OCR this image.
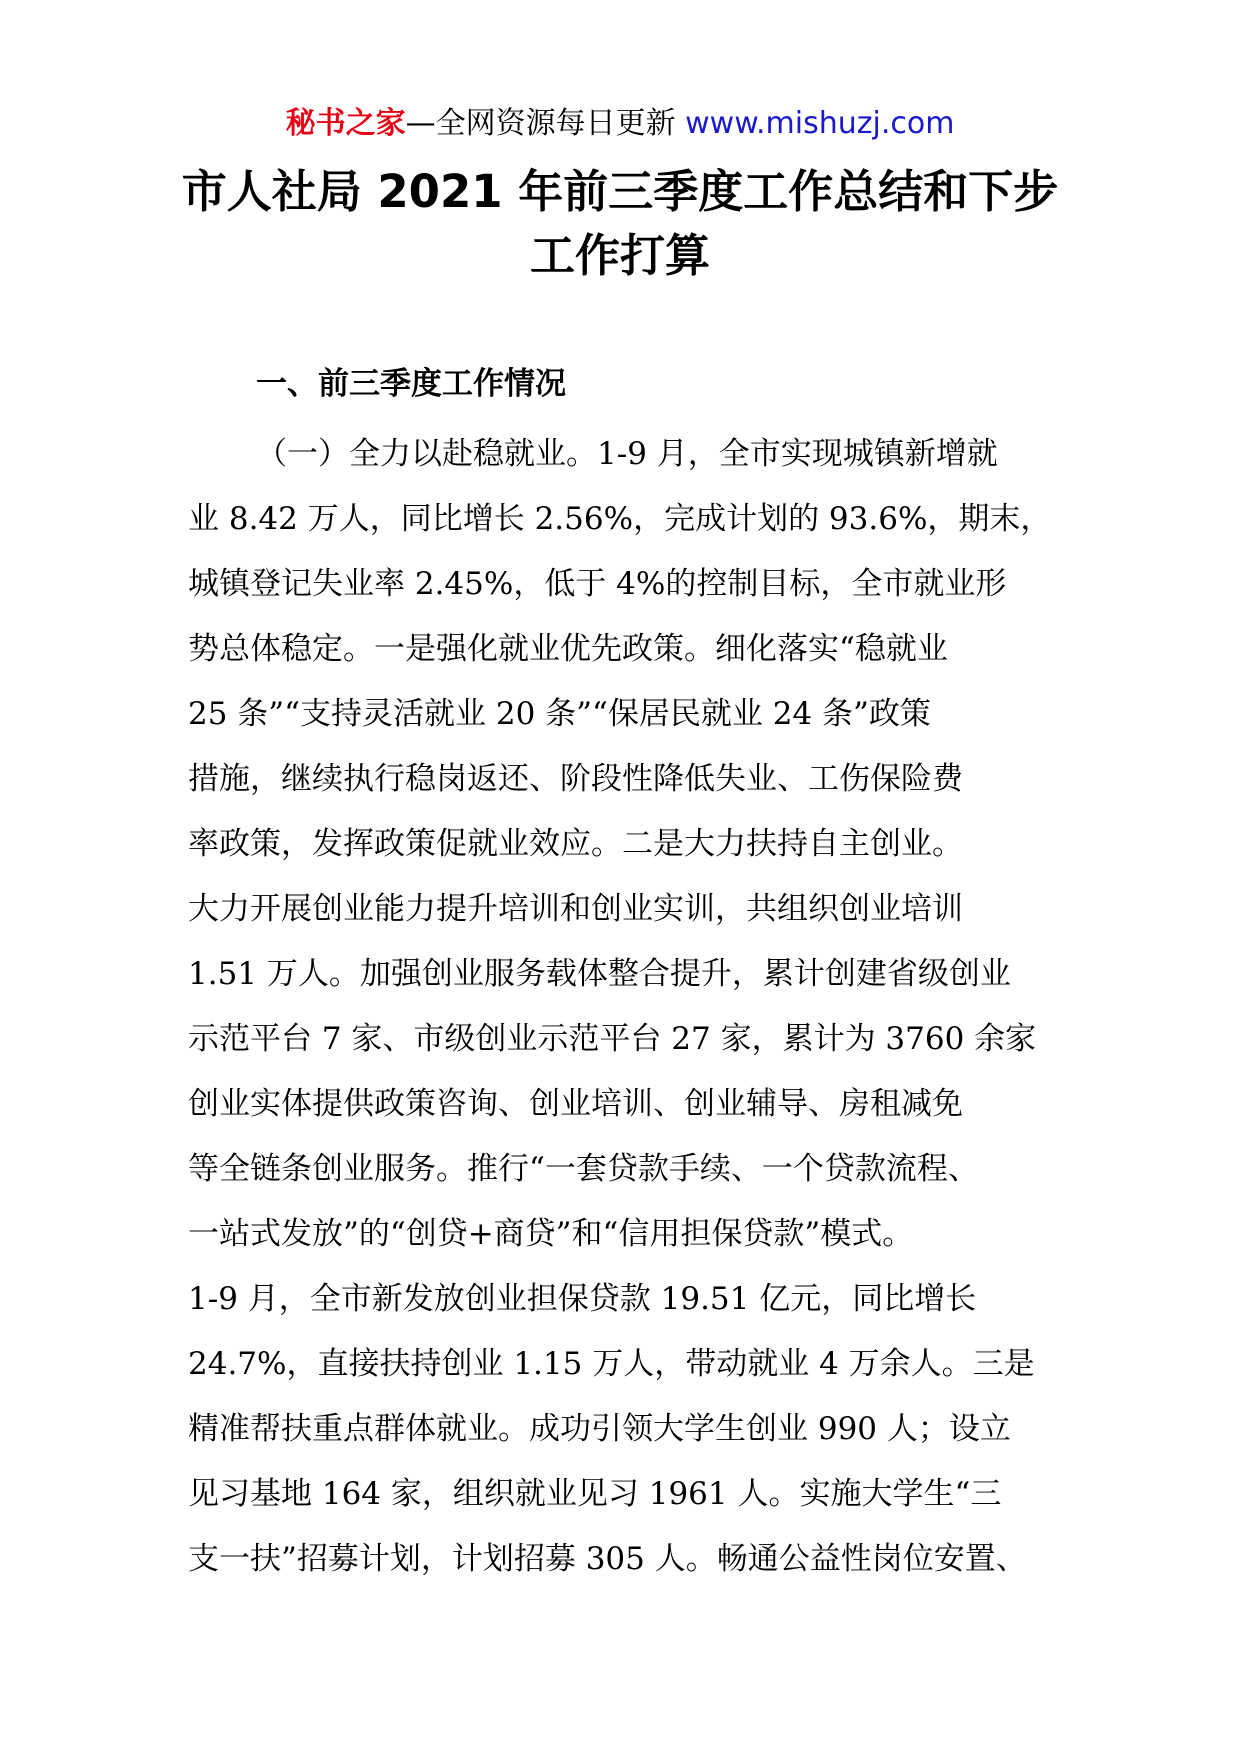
秘书之家—全网资源每日更新 www.mishuzj.com
市人社局 2021 年前三季度工作总结和下步
工作打算
一、前三季度工作情况
（一）全力以赴稳就业。1-9 月，全市实现城镇新增就
业 8.42 万人，同比增长 2.56%，完成计划的 93.6%，期末，
城镇登记失业率 2.45%，低于 4%的控制目标，全市就业形
势总体稳定。一是强化就业优先政策。细化落实“稳就业
25 条”“支持灵活就业 20 条”“保居民就业 24 条”政策
措施，继续执行稳岗返还、阶段性降低失业、工伤保险费
率政策，发挥政策促就业效应。二是大力扶持自主创业。
大力开展创业能力提升培训和创业实训，共组织创业培训
1.51 万人。加强创业服务载体整合提升，累计创建省级创业
示范平台 7 家、市级创业示范平台 27 家，累计为 3760 余家
创业实体提供政策咨询、创业培训、创业辅导、房租减免
等全链条创业服务。推行“一套贷款手续、一个贷款流程、
一站式发放”的“创贷+商贷”和“信用担保贷款”模式。
1-9 月，全市新发放创业担保贷款 19.51 亿元，同比增长
24.7%，直接扶持创业 1.15 万人，带动就业 4 万余人。三是
精准帮扶重点群体就业。成功引领大学生创业 990 人；设立
见习基地 164 家，组织就业见习 1961 人。实施大学生“三
支一扶”招募计划，计划招募 305 人。畅通公益性岗位安置、
